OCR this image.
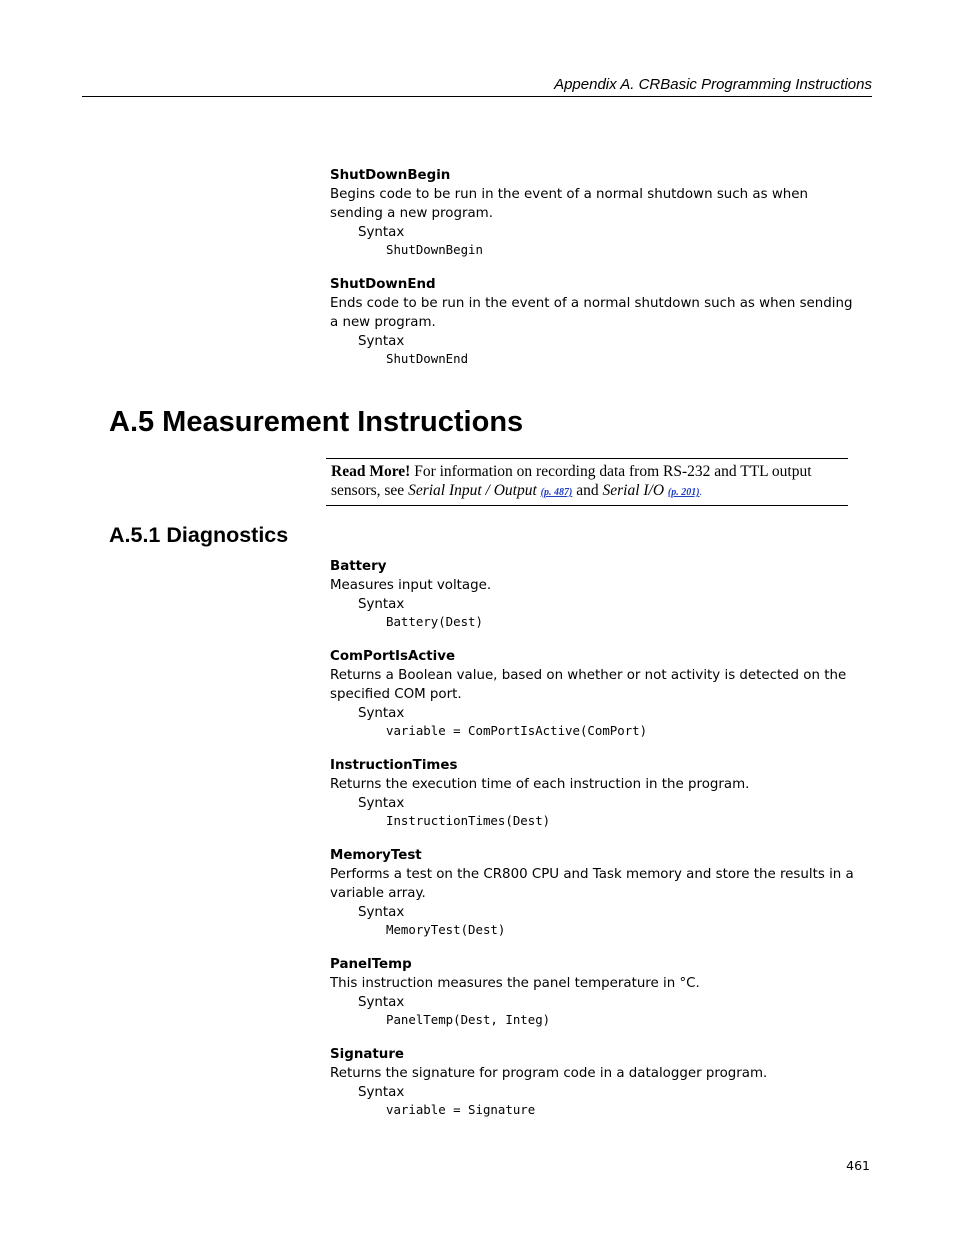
Appendix A. CRBasic Programming Instructions
ShutDownBegin
Begins code to be run in the event of a normal shutdown such as when sending a new program.
Syntax
ShutDownBegin
ShutDownEnd
Ends code to be run in the event of a normal shutdown such as when sending a new program.
Syntax
ShutDownEnd
A.5 Measurement Instructions
Read More! For information on recording data from RS-232 and TTL output sensors, see Serial Input / Output (p. 487) and Serial I/O (p. 201).
A.5.1 Diagnostics
Battery
Measures input voltage.
Syntax
Battery(Dest)
ComPortIsActive
Returns a Boolean value, based on whether or not activity is detected on the specified COM port.
Syntax
variable = ComPortIsActive(ComPort)
InstructionTimes
Returns the execution time of each instruction in the program.
Syntax
InstructionTimes(Dest)
MemoryTest
Performs a test on the CR800 CPU and Task memory and store the results in a variable array.
Syntax
MemoryTest(Dest)
PanelTemp
This instruction measures the panel temperature in °C.
Syntax
PanelTemp(Dest, Integ)
Signature
Returns the signature for program code in a datalogger program.
Syntax
variable = Signature
461
